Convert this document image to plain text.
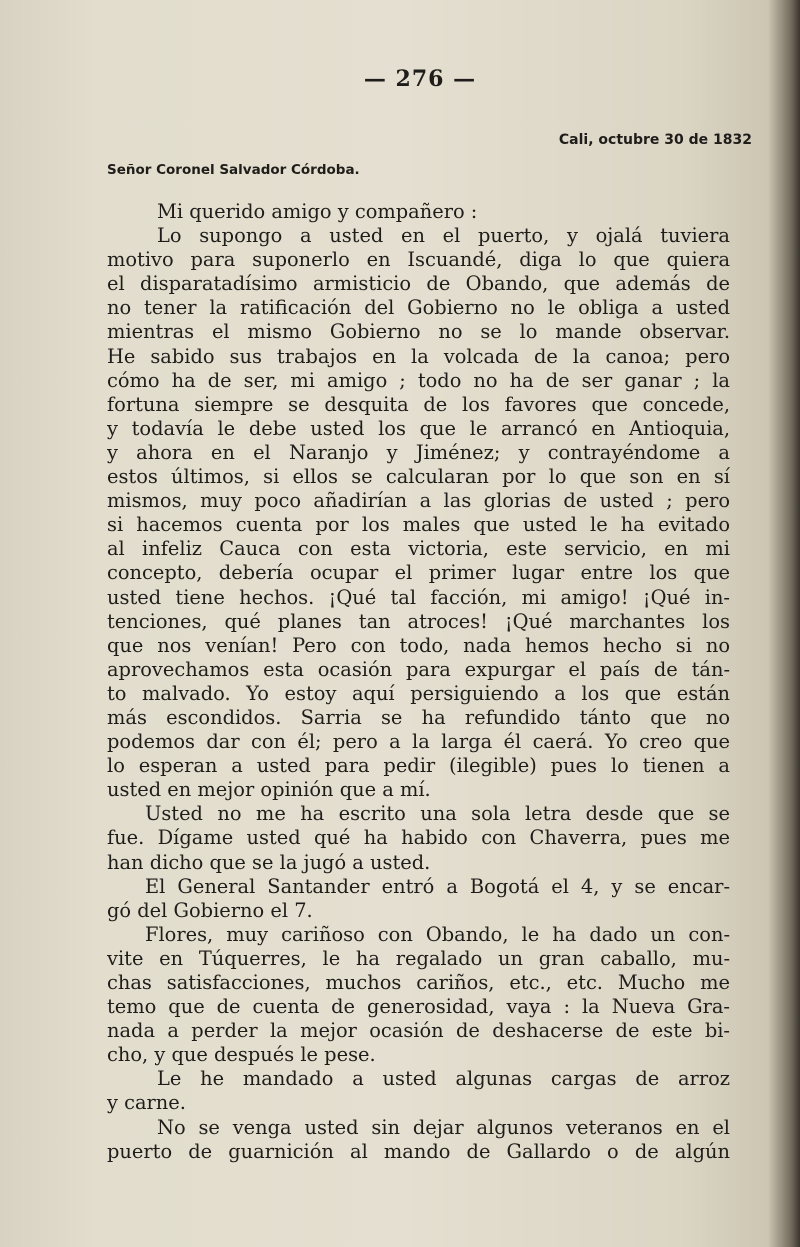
— 276 —
Cali, octubre 30 de 1832
Señor Coronel Salvador Córdoba.
Mi querido amigo y compañero :
Lo supongo a usted en el puerto, y ojalá tuviera
motivo para suponerlo en Iscuandé, diga lo que quiera
el disparatadísimo armisticio de Obando, que además de
no tener la ratificación del Gobierno no le obliga a usted
mientras el mismo Gobierno no se lo mande observar.
He sabido sus trabajos en la volcada de la canoa; pero
cómo ha de ser, mi amigo ; todo no ha de ser ganar ; la
fortuna siempre se desquita de los favores que concede,
y todavía le debe usted los que le arrancó en Antioquia,
y ahora en el Naranjo y Jiménez; y contrayéndome a
estos últimos, si ellos se calcularan por lo que son en sí
mismos, muy poco añadirían a las glorias de usted ; pero
si hacemos cuenta por los males que usted le ha evitado
al infeliz Cauca con esta victoria, este servicio, en mi
concepto, debería ocupar el primer lugar entre los que
usted tiene hechos. ¡Qué tal facción, mi amigo! ¡Qué in-
tenciones, qué planes tan atroces! ¡Qué marchantes los
que nos venían! Pero con todo, nada hemos hecho si no
aprovechamos esta ocasión para expurgar el país de tán-
to malvado. Yo estoy aquí persiguiendo a los que están
más escondidos. Sarria se ha refundido tánto que no
podemos dar con él; pero a la larga él caerá. Yo creo que
lo esperan a usted para pedir (ilegible) pues lo tienen a
usted en mejor opinión que a mí.
Usted no me ha escrito una sola letra desde que se
fue. Dígame usted qué ha habido con Chaverra, pues me
han dicho que se la jugó a usted.
El General Santander entró a Bogotá el 4, y se encar-
gó del Gobierno el 7.
Flores, muy cariñoso con Obando, le ha dado un con-
vite en Túquerres, le ha regalado un gran caballo, mu-
chas satisfacciones, muchos cariños, etc., etc. Mucho me
temo que de cuenta de generosidad, vaya : la Nueva Gra-
nada a perder la mejor ocasión de deshacerse de este bi-
cho, y que después le pese.
Le he mandado a usted algunas cargas de arroz
y carne.
No se venga usted sin dejar algunos veteranos en el
puerto de guarnición al mando de Gallardo o de algún
